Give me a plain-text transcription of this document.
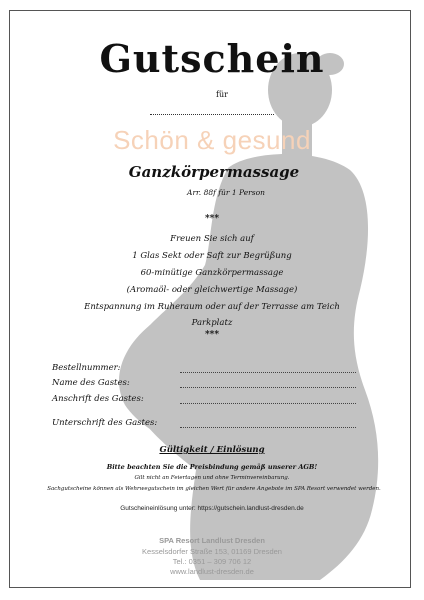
Gutschein
für
Schön & gesund
Ganzkörpermassage
Arr. 88f für 1 Person
***
Freuen Sie sich auf
1 Glas Sekt oder Saft zur Begrüßung
60-minütige Ganzkörpermassage
(Aromaöl- oder gleichwertige Massage)
Entspannung im Ruheraum oder auf der Terrasse am Teich
Parkplatz
***
Bestellnummer:
Name des Gastes:
Anschrift des Gastes:
Unterschrift des Gastes:
Gültigkeit / Einlösung
Bitte beachten Sie die Preisbindung gemäß unserer AGB!
Gilt nicht an Feiertagen und ohne Terminvereinbarung.
Sachgutscheine können als Wehrwegutschein im gleichen Wert für andere Angebote im SPA Resort verwendet werden.
Gutscheineinlösung unter: https://gutschein.landlust-dresden.de
SPA Resort Landlust Dresden
Kesselsdorfer Straße 153, 01169 Dresden
Tel.: 0351 – 309 706 12
www.landlust-dresden.de
